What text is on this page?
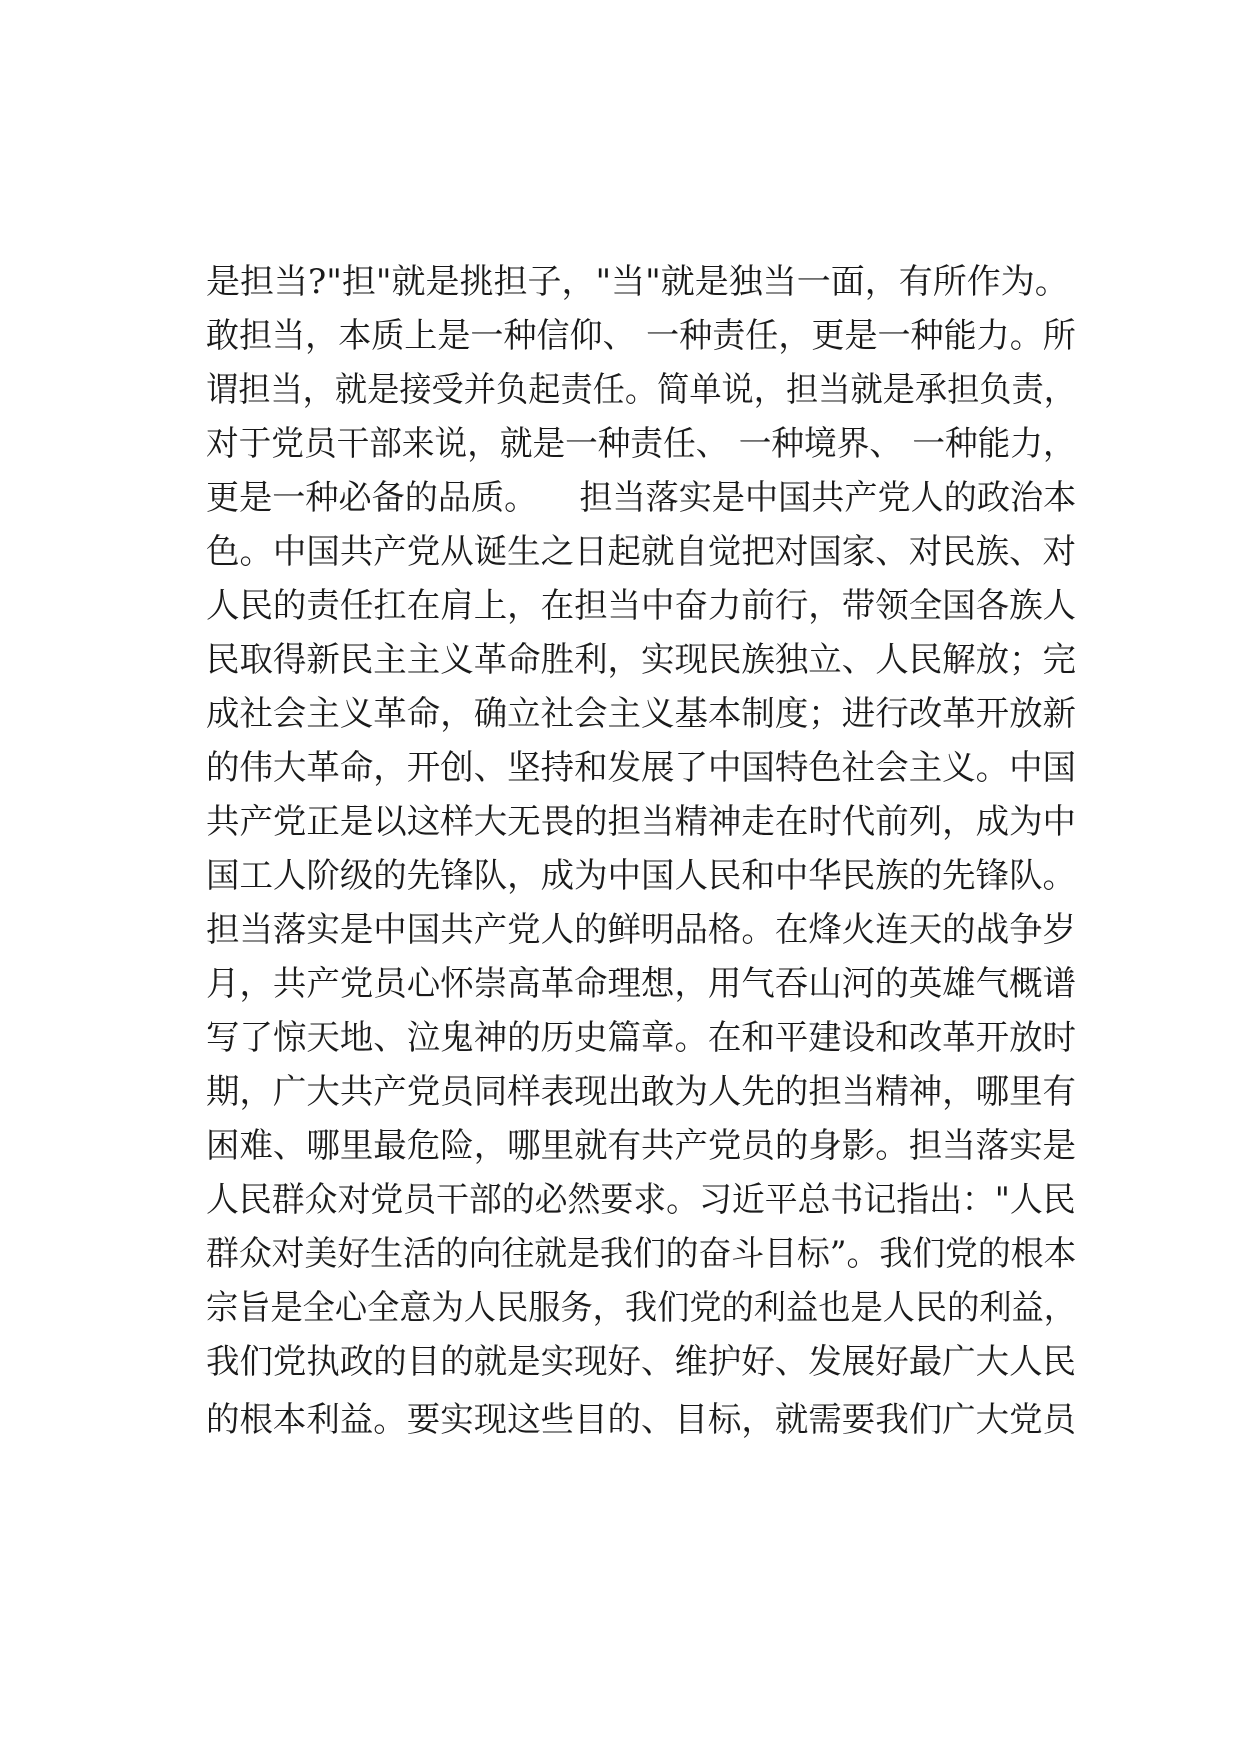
是担当?"担"就是挑担子，"当"就是独当一面，有所作为。
敢担当，本质上是一种信仰、 一种责任，更是一种能力。所
谓担当，就是接受并负起责任。简单说，担当就是承担负责，
对于党员干部来说，就是一种责任、 一种境界、 一种能力，
更是一种必备的品质。    担当落实是中国共产党人的政治本
色。中国共产党从诞生之日起就自觉把对国家、对民族、对
人民的责任扛在肩上，在担当中奋力前行，带领全国各族人
民取得新民主主义革命胜利，实现民族独立、人民解放；完
成社会主义革命，确立社会主义基本制度；进行改革开放新
的伟大革命，开创、坚持和发展了中国特色社会主义。中国
共产党正是以这样大无畏的担当精神走在时代前列，成为中
国工人阶级的先锋队，成为中国人民和中华民族的先锋队。
担当落实是中国共产党人的鲜明品格。在烽火连天的战争岁
月，共产党员心怀崇高革命理想，用气吞山河的英雄气概谱
写了惊天地、泣鬼神的历史篇章。在和平建设和改革开放时
期，广大共产党员同样表现出敢为人先的担当精神，哪里有
困难、哪里最危险，哪里就有共产党员的身影。担当落实是
人民群众对党员干部的必然要求。习近平总书记指出："人民
群众对美好生活的向往就是我们的奋斗目标”。我们党的根本
宗旨是全心全意为人民服务，我们党的利益也是人民的利益，
我们党执政的目的就是实现好、维护好、发展好最广大人民
的根本利益。要实现这些目的、目标，就需要我们广大党员
